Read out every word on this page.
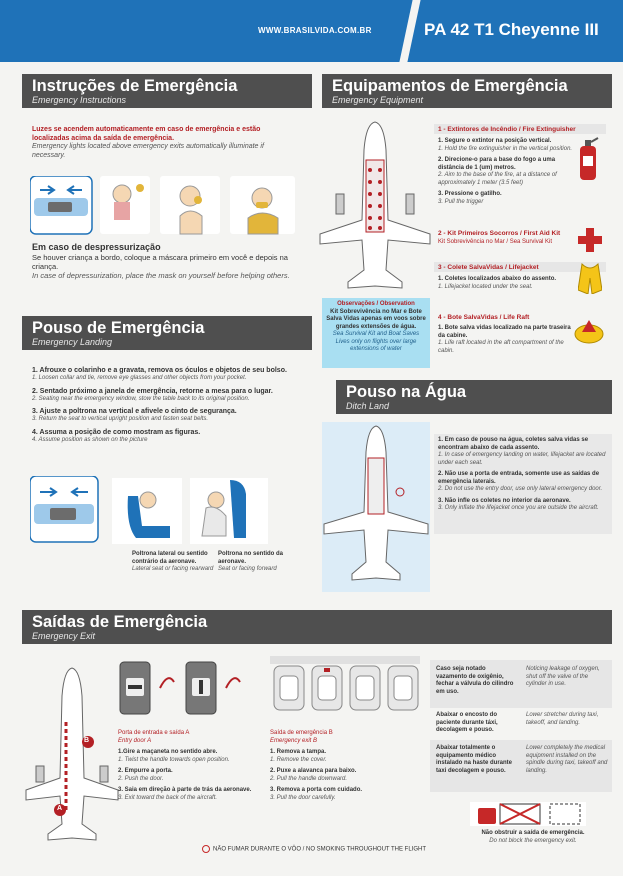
WWW.BRASILVIDA.COM.BR	PA 42 T1 Cheyenne III
Instruções de Emergência
Emergency Instructions
Luzes se acendem automaticamente em caso de emergência e estão localizadas acima da saída de emergência.
Emergency lights located above emergency exits automatically illuminate if necessary.
Em caso de despressurização
Se houver criança a bordo, coloque a máscara primeiro em você e depois na criança.
In case of depressurization, place the mask on yourself before helping others.
Pouso de Emergência
Emergency Landing
1. Afrouxe o colarinho e a gravata, remova os óculos e objetos de seu bolso.
1. Loosen collar and tie, remove eye glasses and other objects from your pocket.
2. Sentado próximo a janela de emergência, retorne a mesa para o lugar.
2. Seating near the emergency window, stow the table back to its original position.
3. Ajuste a poltrona na vertical e afivele o cinto de segurança.
3. Return the seat to vertical upright position and fasten seat belts.
4. Assuma a posição de como mostram as figuras.
4. Assume position as shown on the picture
Poltrona lateral ou sentido contrário da aeronave.
Lateral seat or facing rearward
Poltrona no sentido da aeronave.
Seat or facing forward
Equipamentos de Emergência
Emergency Equipment
1 - Extintores de Incêndio / Fire Extinguisher
1. Segure o extintor na posição vertical.
1. Hold the fire extinguisher in the vertical position.
2. Direcione-o para a base do fogo a uma distância de 1 (um) metros.
2. Aim to the base of the fire, at a distance of approximately 1 meter (3.5 feet)
3. Pressione o gatilho.
3. Pull the trigger
2 - Kit Primeiros Socorros / First Aid Kit
Kit Sobrevivência no Mar / Sea Survival Kit
3 - Colete SalvaVidas / Lifejacket
1. Coletes localizados abaixo do assento.
1. Lifejacket located under the seat.
4 - Bote SalvaVidas / Life Raft
1. Bote salva vidas localizado na parte traseira da cabine.
1. Life raft located in the aft compartment of the cabin.
Observações / Observation
Kit Sobrevivência no Mar e Bote Salva Vidas apenas em voos sobre grandes extensões de água.
Sea Survival Kit and Boat Saves Lives only on flights over large extensions of water
Pouso na Água
Ditch Land

1. Em caso de pouso na água, coletes salva vidas se encontram abaixo de cada assento.
1. In case of emergency landing on water, lifejacket are located under each seat.

2. Não use a porta de entrada, somente use as saídas de emergência laterais.
2. Do not use the entry door, use only lateral emergency door.

3. Não infle os coletes no interior da aeronave.
3. Only inflate the lifejacket once you are outside the aircraft.

Saídas de Emergência
Emergency Exit
B
A
Porta de entrada e saída A
Entry door A
1.Gire a maçaneta no sentido abre.
1. Twist the handle towards open position.
2. Empurre a porta.
2. Push the door.
3. Saia em direção à parte de trás da aeronave.
3. Exit toward the back of the aircraft.
Saída de emergência B
Emergency exit B
1. Remova a tampa.
1. Remove the cover.
2. Puxe a alavanca para baixo.
2. Pull the handle downward.
3. Remova a porta com cuidado.
3. Pull the door carefully.
Caso seja notado vazamento de oxigênio, fechar a válvula do cilindro em uso.
Noticing leakage of oxygen, shut off the valve of the cylinder in use.
Abaixar o encosto do paciente durante táxi, decolagem e pouso.
Lower stretcher during taxi, takeoff, and landing.
Abaixar totalmente o equipamento médico instalado na haste durante taxi decolagem e pouso.
Lower completely the medical equipment installed on the spindle during taxi, takeoff and landing.
Não obstruir a saída de emergência.
Do not block the emergency exit.
NÃO FUMAR DURANTE O VÔO / NO SMOKING THROUGHOUT THE FLIGHT
